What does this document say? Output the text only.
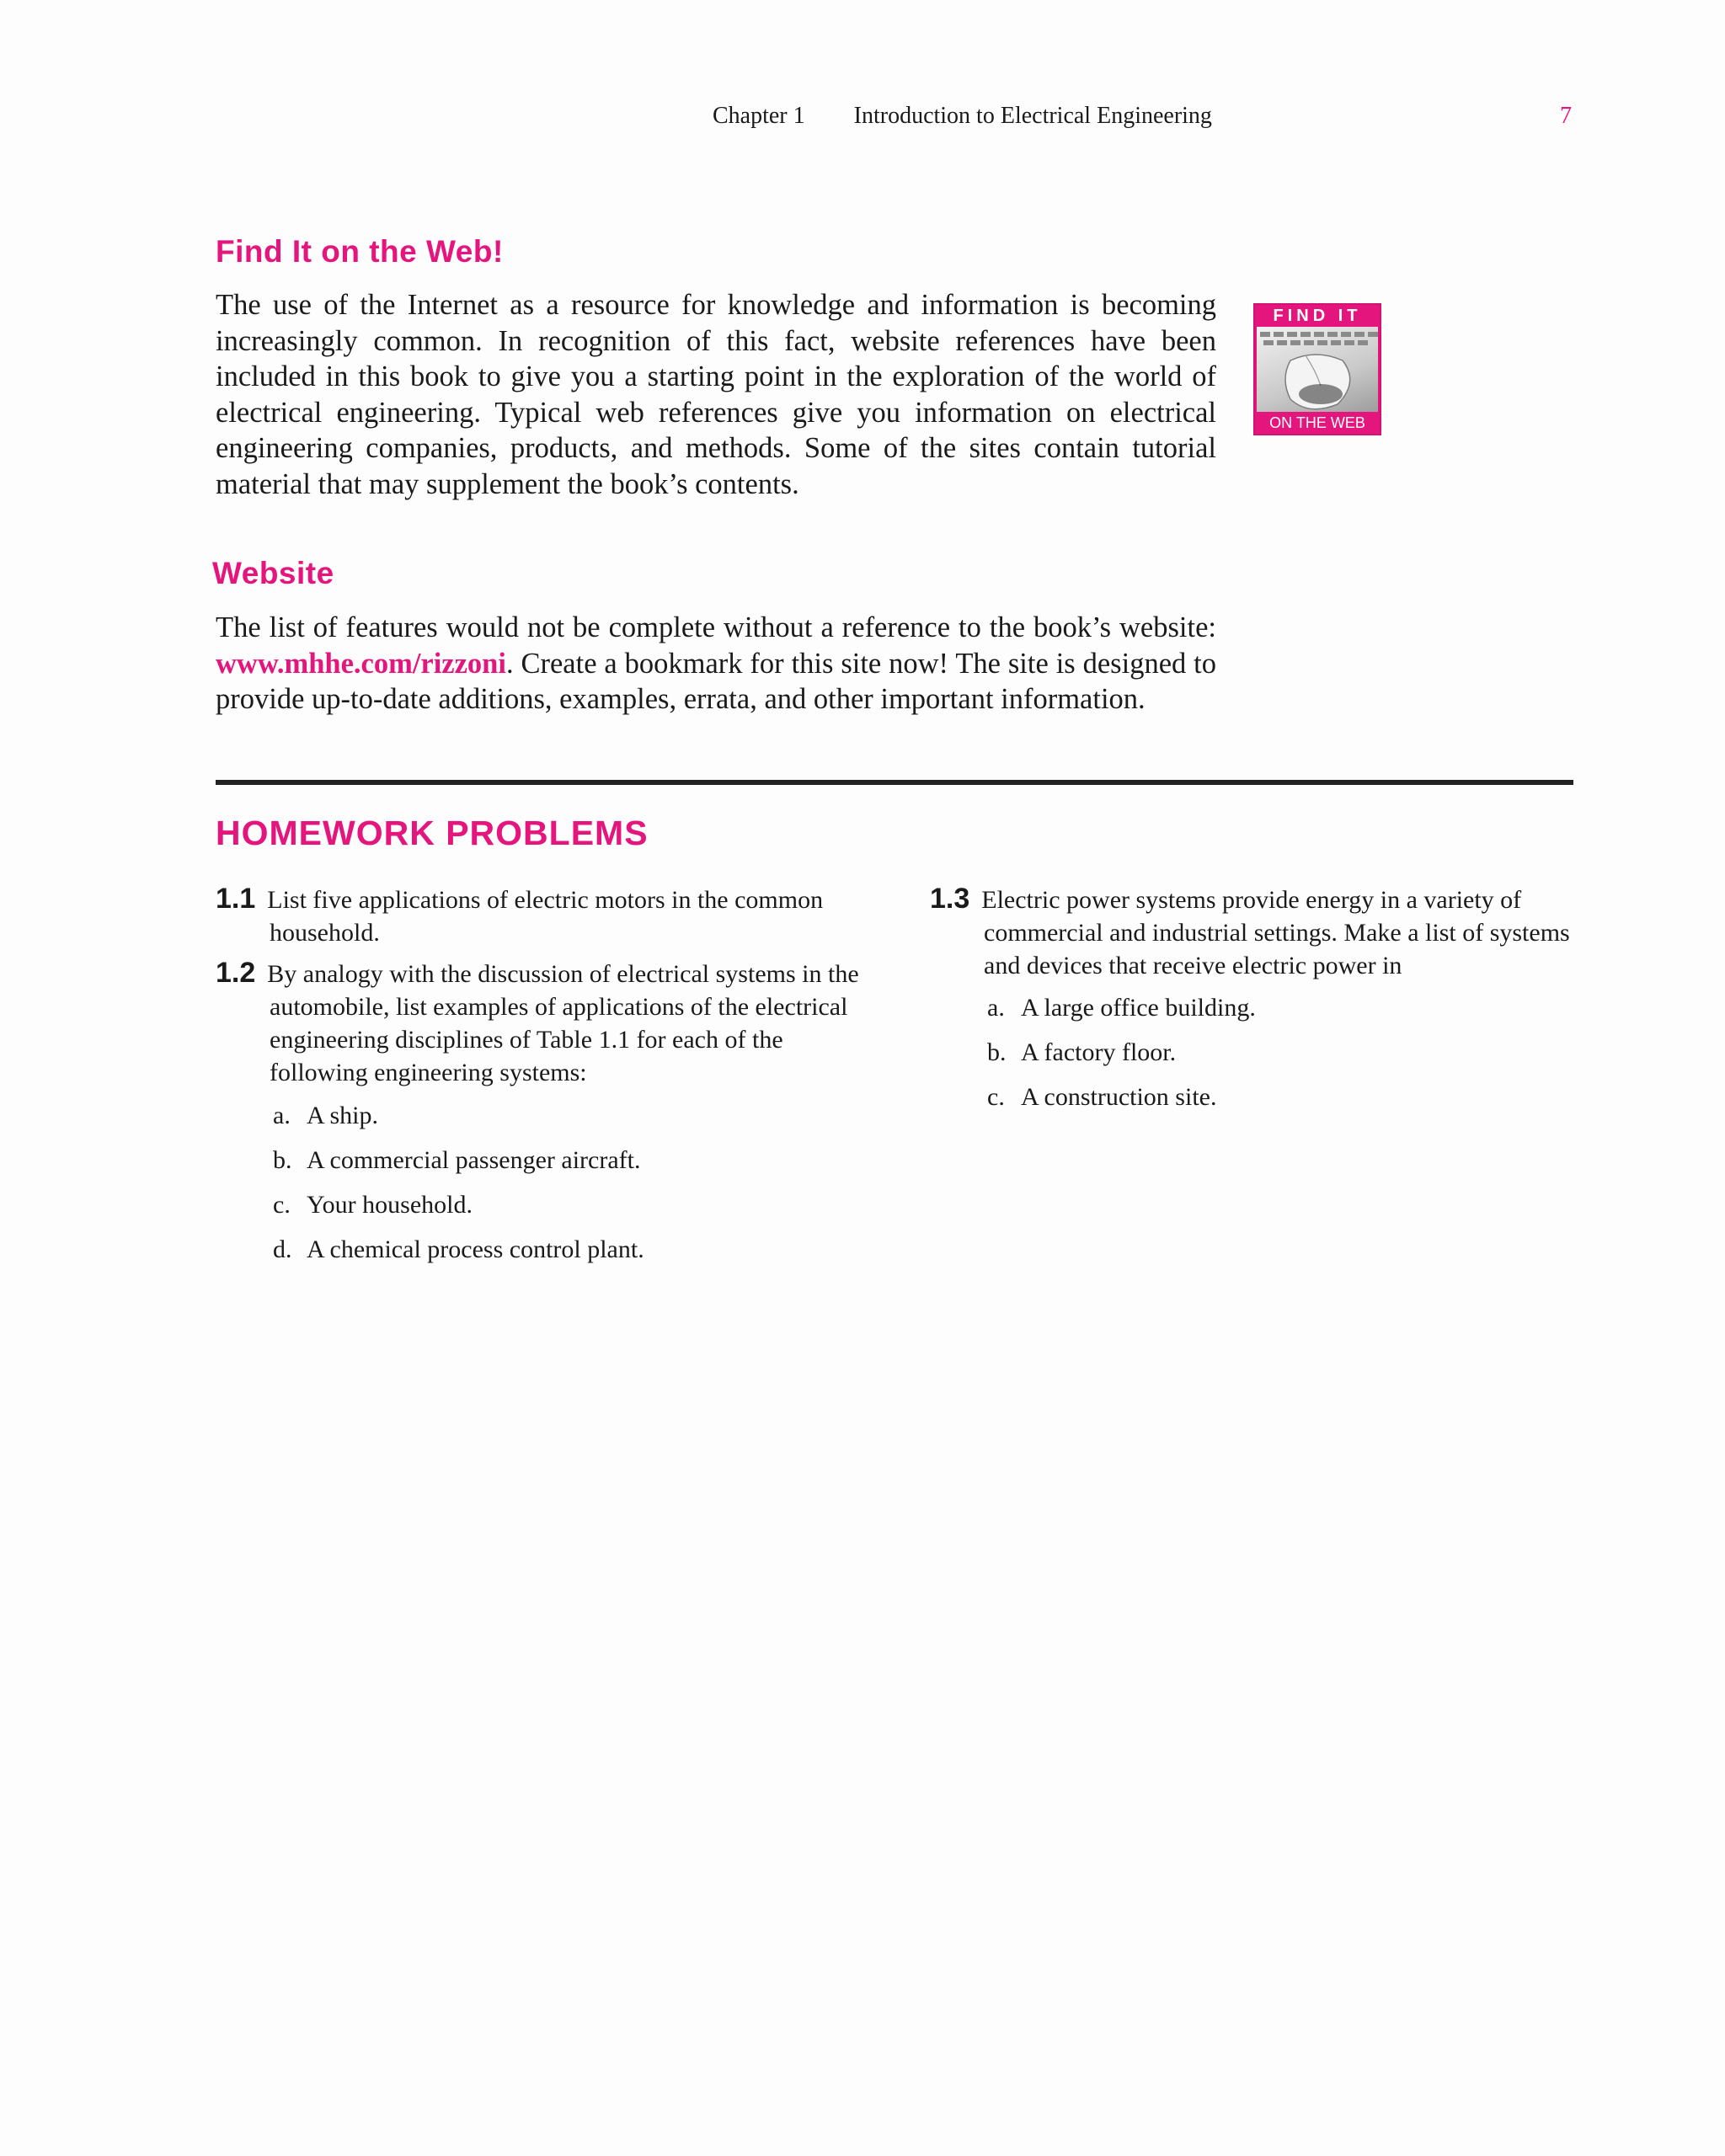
Chapter 1 Introduction to Electrical Engineering	7
Find It on the Web!
The use of the Internet as a resource for knowledge and information is becoming increasingly common. In recognition of this fact, website references have been included in this book to give you a starting point in the exploration of the world of electrical engineering. Typical web references give you information on electrical engineering companies, products, and methods. Some of the sites contain tutorial material that may supplement the book’s contents.
FIND IT
ON THE WEB
Website
The list of features would not be complete without a reference to the book’s website: www.mhhe.com/rizzoni. Create a bookmark for this site now! The site is designed to provide up-to-date additions, examples, errata, and other important information.
HOMEWORK PROBLEMS
1.1 List five applications of electric motors in the common household.
1.2 By analogy with the discussion of electrical systems in the automobile, list examples of applications of the electrical engineering disciplines of Table 1.1 for each of the following engineering systems:
a. A ship.
b. A commercial passenger aircraft.
c. Your household.
d. A chemical process control plant.
1.3 Electric power systems provide energy in a variety of commercial and industrial settings. Make a list of systems and devices that receive electric power in
a. A large office building.
b. A factory floor.
c. A construction site.
